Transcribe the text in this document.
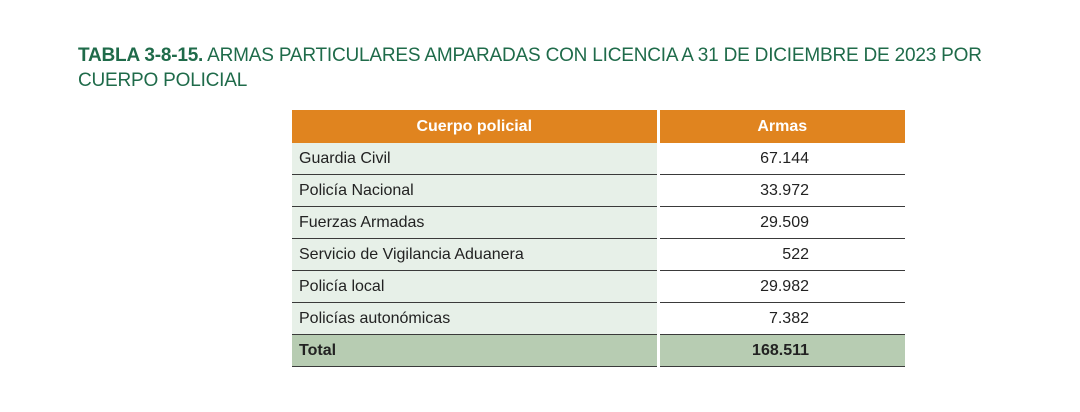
TABLA 3-8-15. ARMAS PARTICULARES AMPARADAS CON LICENCIA A 31 DE DICIEMBRE DE 2023 POR CUERPO POLICIAL
Cuerpo policial	Armas
Guardia Civil	67.144
Policía Nacional	33.972
Fuerzas Armadas	29.509
Servicio de Vigilancia Aduanera	522
Policía local	29.982
Policías autonómicas	7.382
Total	168.511
